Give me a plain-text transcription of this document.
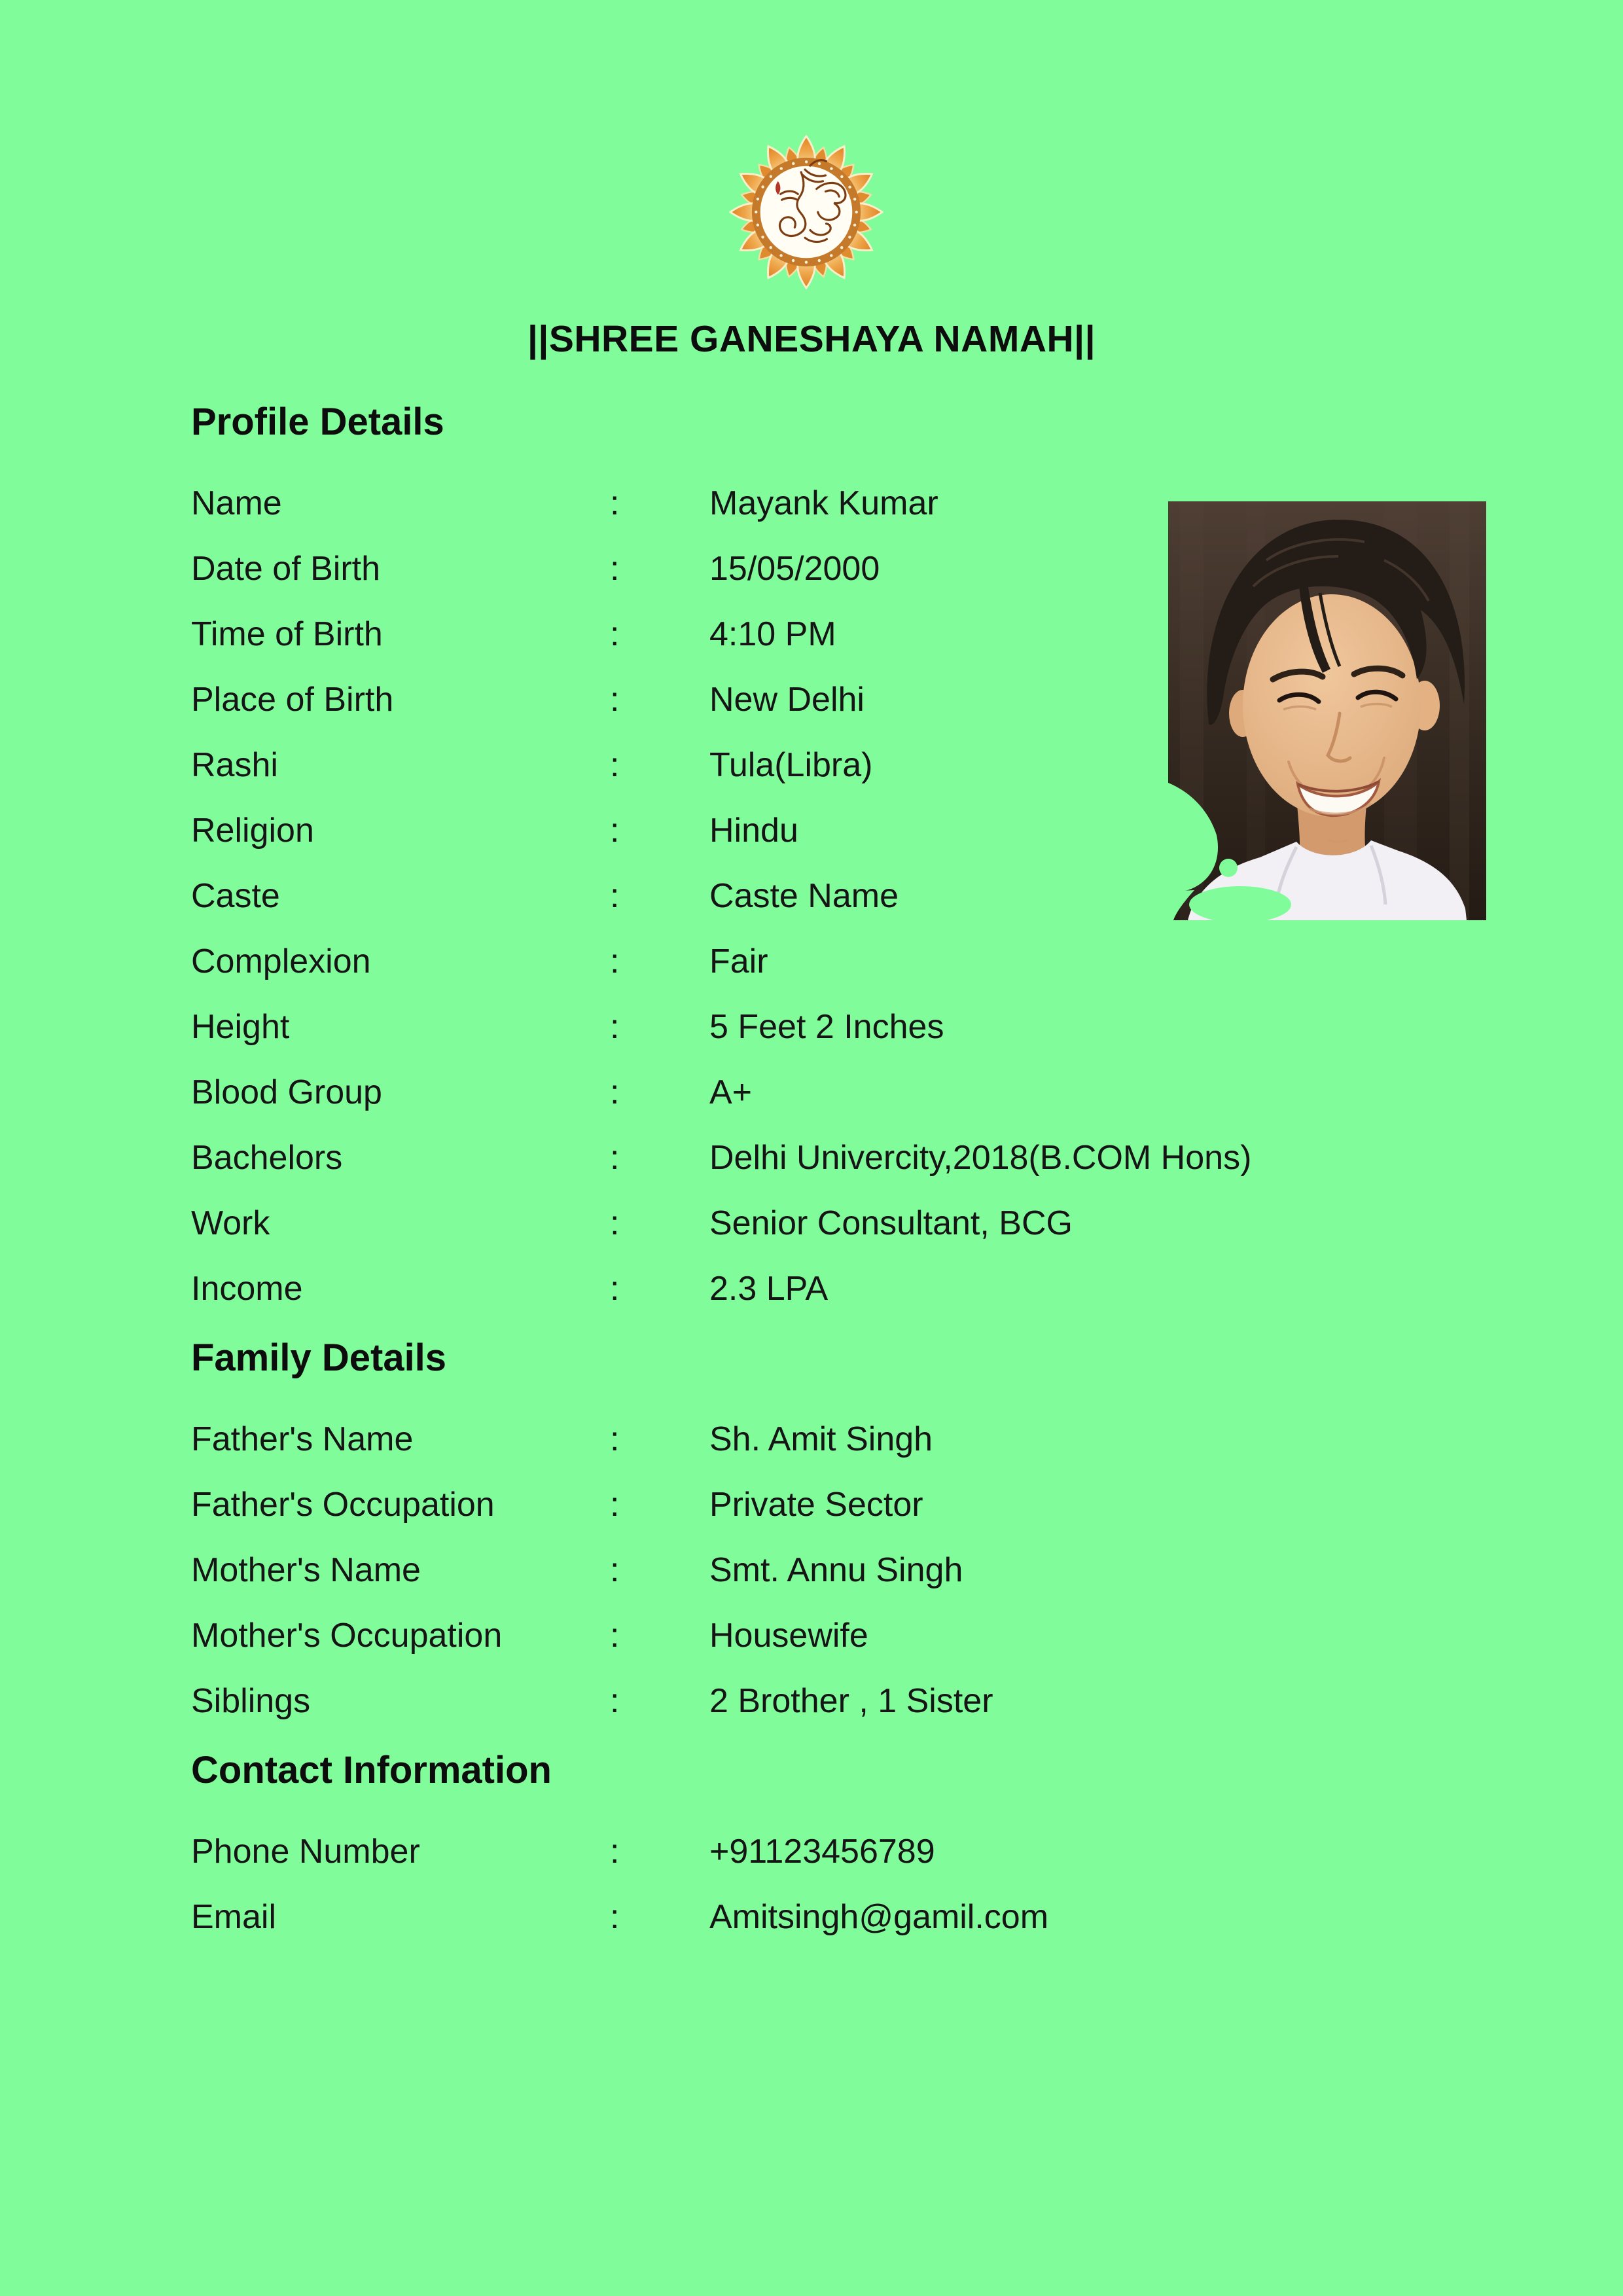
||SHREE GANESHAYA NAMAH||
Profile Details
Name	:	Mayank Kumar
Date of Birth	:	15/05/2000
Time of Birth	:	4:10 PM
Place of Birth	:	New Delhi
Rashi	:	Tula(Libra)
Religion	:	Hindu
Caste	:	Caste Name
Complexion	:	Fair
Height	:	5 Feet 2 Inches
Blood Group	:	A+
Bachelors	:	Delhi Univercity,2018(B.COM Hons)
Work	:	Senior Consultant, BCG
Income	:	2.3 LPA
Family Details
Father's Name	:	Sh. Amit Singh
Father's Occupation	:	Private Sector
Mother's Name	:	Smt. Annu Singh
Mother's Occupation	:	Housewife
Siblings	:	2 Brother , 1 Sister
Contact Information
Phone Number	:	+91123456789
Email	:	Amitsingh@gamil.com
